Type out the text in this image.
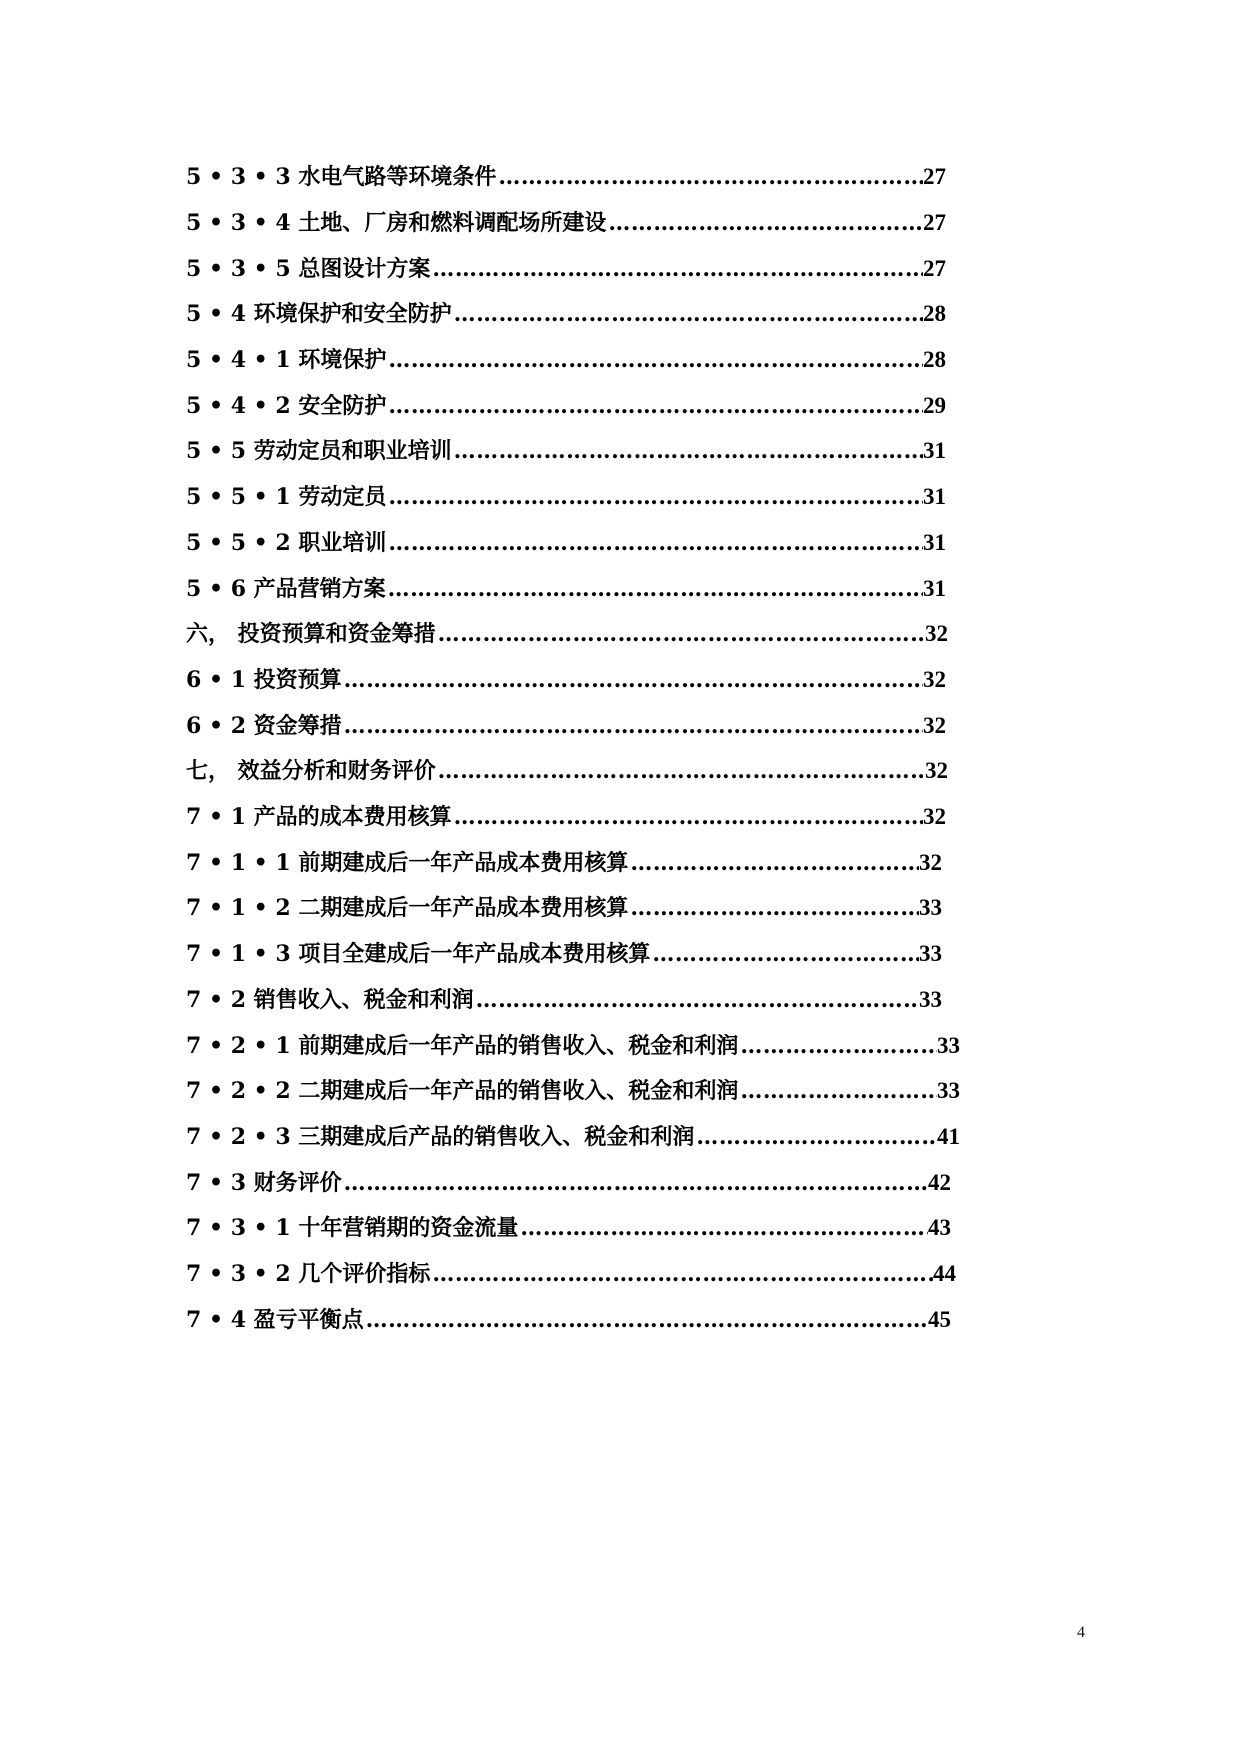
5 • 3 • 3 水电气路等环境条件 ………………………………………………………………………………………………………………………………………………………………………………………………	27
5 • 3 • 4 土地、厂房和燃料调配场所建设 ………………………………………………………………………………………………………………………………………………………………………………………………	27
5 • 3 • 5 总图设计方案 ………………………………………………………………………………………………………………………………………………………………………………………………	27
5 • 4 环境保护和安全防护 ………………………………………………………………………………………………………………………………………………………………………………………………	28
5 • 4 • 1 环境保护 ………………………………………………………………………………………………………………………………………………………………………………………………	28
5 • 4 • 2 安全防护 ………………………………………………………………………………………………………………………………………………………………………………………………	29
5 • 5 劳动定员和职业培训 ………………………………………………………………………………………………………………………………………………………………………………………………	31
5 • 5 • 1 劳动定员 ………………………………………………………………………………………………………………………………………………………………………………………………	31
5 • 5 • 2 职业培训 ………………………………………………………………………………………………………………………………………………………………………………………………	31
5 • 6 产品营销方案 ………………………………………………………………………………………………………………………………………………………………………………………………	31
六， 投资预算和资金筹措 ………………………………………………………………………………………………………………………………………………………………………………………………	32
6 • 1 投资预算 ………………………………………………………………………………………………………………………………………………………………………………………………	32
6 • 2 资金筹措 ………………………………………………………………………………………………………………………………………………………………………………………………	32
七， 效益分析和财务评价 ………………………………………………………………………………………………………………………………………………………………………………………………	32
7 • 1 产品的成本费用核算 ………………………………………………………………………………………………………………………………………………………………………………………………	32
7 • 1 • 1 前期建成后一年产品成本费用核算 ………………………………………………………………………………………………………………………………………………………………………………………………	32
7 • 1 • 2 二期建成后一年产品成本费用核算 ………………………………………………………………………………………………………………………………………………………………………………………………	33
7 • 1 • 3 项目全建成后一年产品成本费用核算 ………………………………………………………………………………………………………………………………………………………………………………………………	33
7 • 2 销售收入、税金和利润 ………………………………………………………………………………………………………………………………………………………………………………………………	33
7 • 2 • 1 前期建成后一年产品的销售收入、税金和利润 ………………………………………………………………………………………………………………………………………………………………………………………………	33
7 • 2 • 2 二期建成后一年产品的销售收入、税金和利润 ………………………………………………………………………………………………………………………………………………………………………………………………	33
7 • 2 • 3 三期建成后产品的销售收入、税金和利润 ………………………………………………………………………………………………………………………………………………………………………………………………	41
7 • 3 财务评价 ………………………………………………………………………………………………………………………………………………………………………………………………	42
7 • 3 • 1 十年营销期的资金流量 ………………………………………………………………………………………………………………………………………………………………………………………………	43
7 • 3 • 2 几个评价指标 ………………………………………………………………………………………………………………………………………………………………………………………………	44
7 • 4 盈亏平衡点 ………………………………………………………………………………………………………………………………………………………………………………………………	45
4
